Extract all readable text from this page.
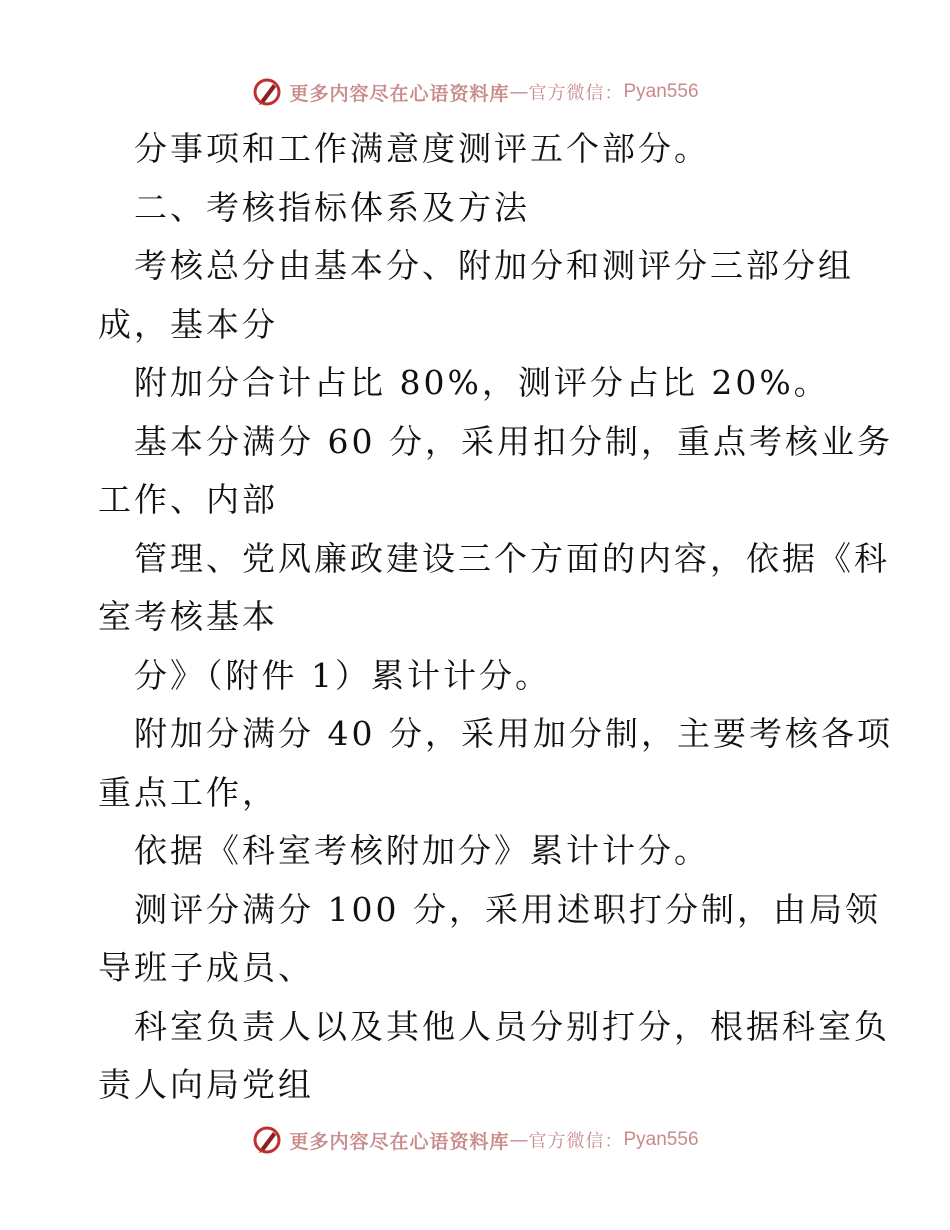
更多内容尽在心语资料库 — 官方微信： Pyan556

分事项和工作满意度测评五个部分。

二、考核指标体系及方法

考核总分由基本分、附加分和测评分三部分组

成，基本分

附加分合计占比 80%，测评分占比 20%。

基本分满分 60 分，采用扣分制，重点考核业务

工作、内部

管理、党风廉政建设三个方面的内容，依据《科

室考核基本

分》（附件 1）累计计分。

附加分满分 40 分，采用加分制，主要考核各项

重点工作，

依据《科室考核附加分》累计计分。

测评分满分 100 分，采用述职打分制，由局领

导班子成员、

科室负责人以及其他人员分别打分，根据科室负

责人向局党组

更多内容尽在心语资料库 — 官方微信： Pyan556
